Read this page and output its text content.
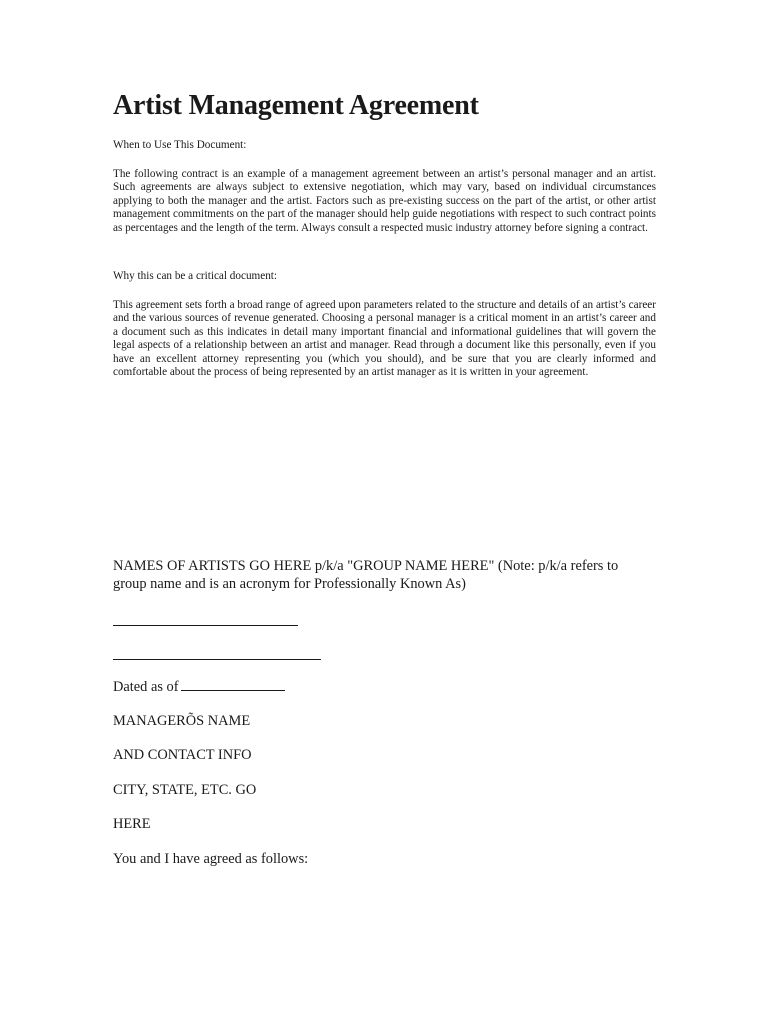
Artist Management Agreement

When to Use This Document:

The following contract is an example of a management agreement between an artist’s personal manager and an artist. Such agreements are always subject to extensive negotiation, which may vary, based on individual circumstances applying to both the manager and the artist. Factors such as pre-existing success on the part of the artist, or other artist management commitments on the part of the manager should help guide negotiations with respect to such contract points as percentages and the length of the term. Always consult a respected music industry attorney before signing a contract.

Why this can be a critical document:

This agreement sets forth a broad range of agreed upon parameters related to the structure and details of an artist’s career and the various sources of revenue generated. Choosing a personal manager is a critical moment in an artist’s career and a document such as this indicates in detail many important financial and informational guidelines that will govern the legal aspects of a relationship between an artist and manager. Read through a document like this personally, even if you have an excellent attorney representing you (which you should), and be sure that you are clearly informed and comfortable about the process of being represented by an artist manager as it is written in your agreement.

NAMES OF ARTISTS GO HERE p/k/a "GROUP NAME HERE" (Note: p/k/a refers to group name and is an acronym for Professionally Known As)

Dated as of

MANAGERÕS NAME

AND CONTACT INFO

CITY, STATE, ETC. GO

HERE

You and I have agreed as follows:
